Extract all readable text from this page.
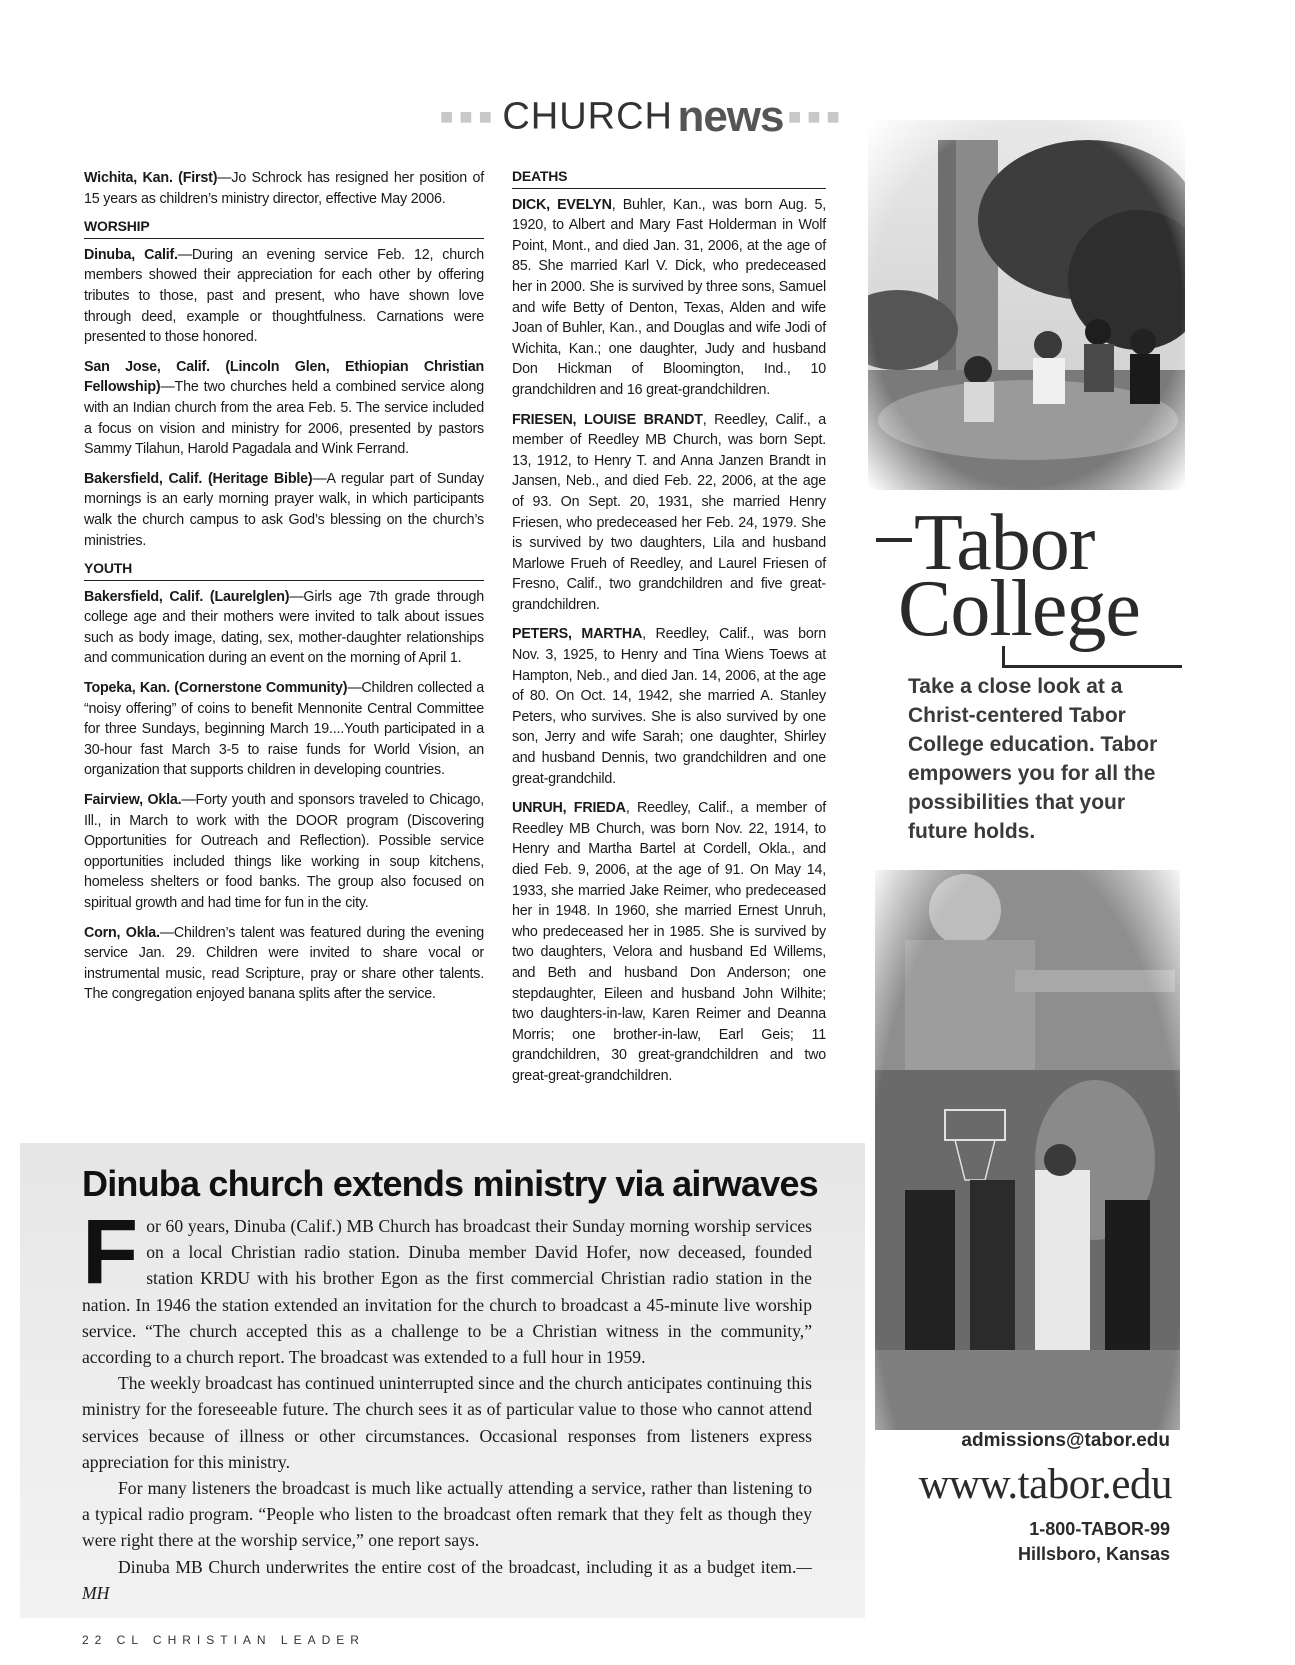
■■■ CHURCH news ■■■

Wichita, Kan. (First)—Jo Schrock has resigned her position of 15 years as children’s ministry director, effective May 2006.

WORSHIP

Dinuba, Calif.—During an evening service Feb. 12, church members showed their appreciation for each other by offering tributes to those, past and present, who have shown love through deed, example or thoughtfulness. Carnations were presented to those honored.

San Jose, Calif. (Lincoln Glen, Ethiopian Christian Fellowship)—The two churches held a combined service along with an Indian church from the area Feb. 5. The service included a focus on vision and ministry for 2006, presented by pastors Sammy Tilahun, Harold Pagadala and Wink Ferrand.

Bakersfield, Calif. (Heritage Bible)—A regular part of Sunday mornings is an early morning prayer walk, in which participants walk the church campus to ask God’s blessing on the church’s ministries.

YOUTH

Bakersfield, Calif. (Laurelglen)—Girls age 7th grade through college age and their mothers were invited to talk about issues such as body image, dating, sex, mother-daughter relationships and communication during an event on the morning of April 1.

Topeka, Kan. (Cornerstone Community)—Children collected a “noisy offering” of coins to benefit Mennonite Central Committee for three Sundays, beginning March 19....Youth participated in a 30-hour fast March 3-5 to raise funds for World Vision, an organization that supports children in developing countries.

Fairview, Okla.—Forty youth and sponsors traveled to Chicago, Ill., in March to work with the DOOR program (Discovering Opportunities for Outreach and Reflection). Possible service opportunities included things like working in soup kitchens, homeless shelters or food banks. The group also focused on spiritual growth and had time for fun in the city.

Corn, Okla.—Children’s talent was featured during the evening service Jan. 29. Children were invited to share vocal or instrumental music, read Scripture, pray or share other talents. The congregation enjoyed banana splits after the service.

DEATHS

DICK, EVELYN, Buhler, Kan., was born Aug. 5, 1920, to Albert and Mary Fast Holderman in Wolf Point, Mont., and died Jan. 31, 2006, at the age of 85. She married Karl V. Dick, who predeceased her in 2000. She is survived by three sons, Samuel and wife Betty of Denton, Texas, Alden and wife Joan of Buhler, Kan., and Douglas and wife Jodi of Wichita, Kan.; one daughter, Judy and husband Don Hickman of Bloomington, Ind., 10 grandchildren and 16 great-grandchildren.

FRIESEN, LOUISE BRANDT, Reedley, Calif., a member of Reedley MB Church, was born Sept. 13, 1912, to Henry T. and Anna Janzen Brandt in Jansen, Neb., and died Feb. 22, 2006, at the age of 93. On Sept. 20, 1931, she married Henry Friesen, who predeceased her Feb. 24, 1979. She is survived by two daughters, Lila and husband Marlowe Frueh of Reedley, and Laurel Friesen of Fresno, Calif., two grandchildren and five great-grandchildren.

PETERS, MARTHA, Reedley, Calif., was born Nov. 3, 1925, to Henry and Tina Wiens Toews at Hampton, Neb., and died Jan. 14, 2006, at the age of 80. On Oct. 14, 1942, she married A. Stanley Peters, who survives. She is also survived by one son, Jerry and wife Sarah; one daughter, Shirley and husband Dennis, two grandchildren and one great-grandchild.

UNRUH, FRIEDA, Reedley, Calif., a member of Reedley MB Church, was born Nov. 22, 1914, to Henry and Martha Bartel at Cordell, Okla., and died Feb. 9, 2006, at the age of 91. On May 14, 1933, she married Jake Reimer, who predeceased her in 1948. In 1960, she married Ernest Unruh, who predeceased her in 1985. She is survived by two daughters, Velora and husband Ed Willems, and Beth and husband Don Anderson; one stepdaughter, Eileen and husband John Wilhite; two daughters-in-law, Karen Reimer and Deanna Morris; one brother-in-law, Earl Geis; 11 grandchildren, 30 great-grandchildren and two great-great-grandchildren.

Dinuba church extends ministry via airwaves
F or 60 years, Dinuba (Calif.) MB Church has broadcast their Sunday morning worship services on a local Christian radio station. Dinuba member David Hofer, now deceased, founded station KRDU with his brother Egon as the first commercial Christian radio station in the nation. In 1946 the station extended an invitation for the church to broadcast a 45-minute live worship service. “The church accepted this as a challenge to be a Christian witness in the community,” according to a church report. The broadcast was extended to a full hour in 1959.

The weekly broadcast has continued uninterrupted since and the church anticipates continuing this ministry for the foreseeable future. The church sees it as of particular value to those who cannot attend services because of illness or other circumstances. Occasional responses from listeners express appreciation for this ministry.

For many listeners the broadcast is much like actually attending a service, rather than listening to a typical radio program. “People who listen to the broadcast often remark that they felt as though they were right there at the worship service,” one report says.

Dinuba MB Church underwrites the entire cost of the broadcast, including it as a budget item.—MH

22 CL CHRISTIAN LEADER
Tabor
College
Take a close look at a Christ-centered Tabor College education. Tabor empowers you for all the possibilities that your future holds.
admissions@tabor.edu
www.tabor.edu
1-800-TABOR-99
Hillsboro, Kansas
